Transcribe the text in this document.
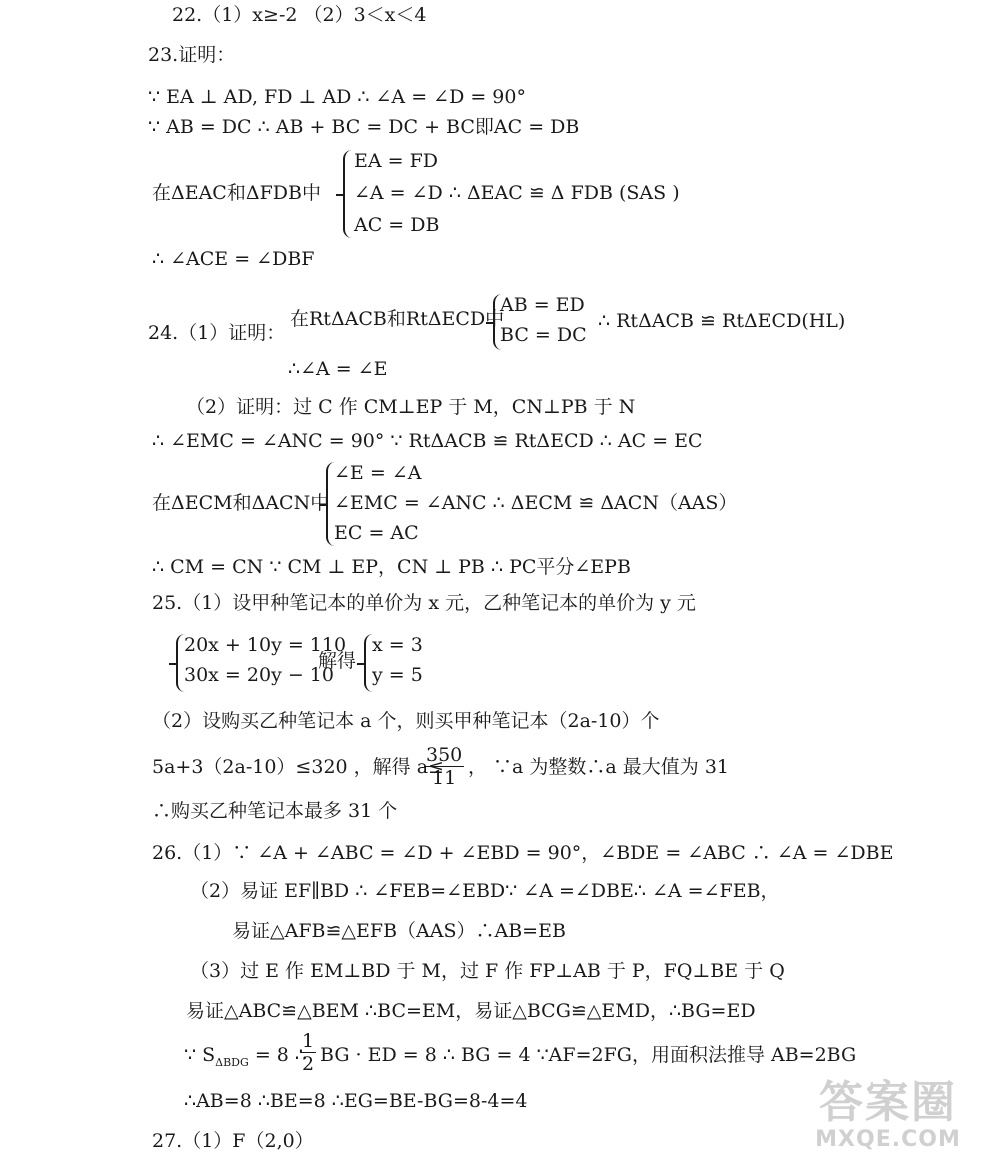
22.（1）x≥-2 （2）3＜x＜4
23.证明：
∵ EA ⊥ AD, FD ⊥ AD ∴ ∠A = ∠D = 90°
∵ AB = DC ∴ AB + BC = DC + BC即AC = DB
在ΔEAC和ΔFDB中
EA = FD
∠A = ∠D ∴ ΔEAC ≌ Δ FDB (SAS )
AC = DB
∴ ∠ACE = ∠DBF
24.（1）证明：
在RtΔACB和RtΔECD中
AB = ED
BC = DC
∴ RtΔACB ≌ RtΔECD(HL)
∴∠A = ∠E
（2）证明：过 C 作 CM⊥EP 于 M，CN⊥PB 于 N
∴ ∠EMC = ∠ANC = 90° ∵ RtΔACB ≌ RtΔECD ∴ AC = EC
在ΔECM和ΔACN中
∠E = ∠A
∠EMC = ∠ANC ∴ ΔECM ≌ ΔACN（AAS）
EC = AC
∴ CM = CN ∵ CM ⊥ EP，CN ⊥ PB ∴ PC平分∠EPB
25.（1）设甲种笔记本的单价为 x 元，乙种笔记本的单价为 y 元
20x + 10y = 110
30x = 20y − 10
解得
x = 3
y = 5
（2）设购买乙种笔记本 a 个，则买甲种笔记本（2a-10）个
5a+3（2a-10）≤320 ，解得 a≤
$\frac{350}{11}$ ， ∵a 为整数∴a 最大值为 31
∴购买乙种笔记本最多 31 个
26.（1）∵ ∠A + ∠ABC = ∠D + ∠EBD = 90°，∠BDE = ∠ABC ∴ ∠A = ∠DBE
（2）易证 EF∥BD ∴ ∠FEB=∠EBD∵ ∠A =∠DBE∴ ∠A =∠FEB，
易证△AFB≌△EFB（AAS）∴AB=EB
（3）过 E 作 EM⊥BD 于 M，过 F 作 FP⊥AB 于 P，FQ⊥BE 于 Q
易证△ABC≌△BEM ∴BC=EM，易证△BCG≌△EMD，∴BG=ED
∵ $S_{\Delta BDG} = 8$ ∴
$\frac{1}{2}$ BG · ED = 8 ∴ BG = 4 ∵AF=2FG，用面积法推导 AB=2BG
∴AB=8 ∴BE=8 ∴EG=BE-BG=8-4=4
27.（1）F（2,0）
答案圈
MXQE.COM
